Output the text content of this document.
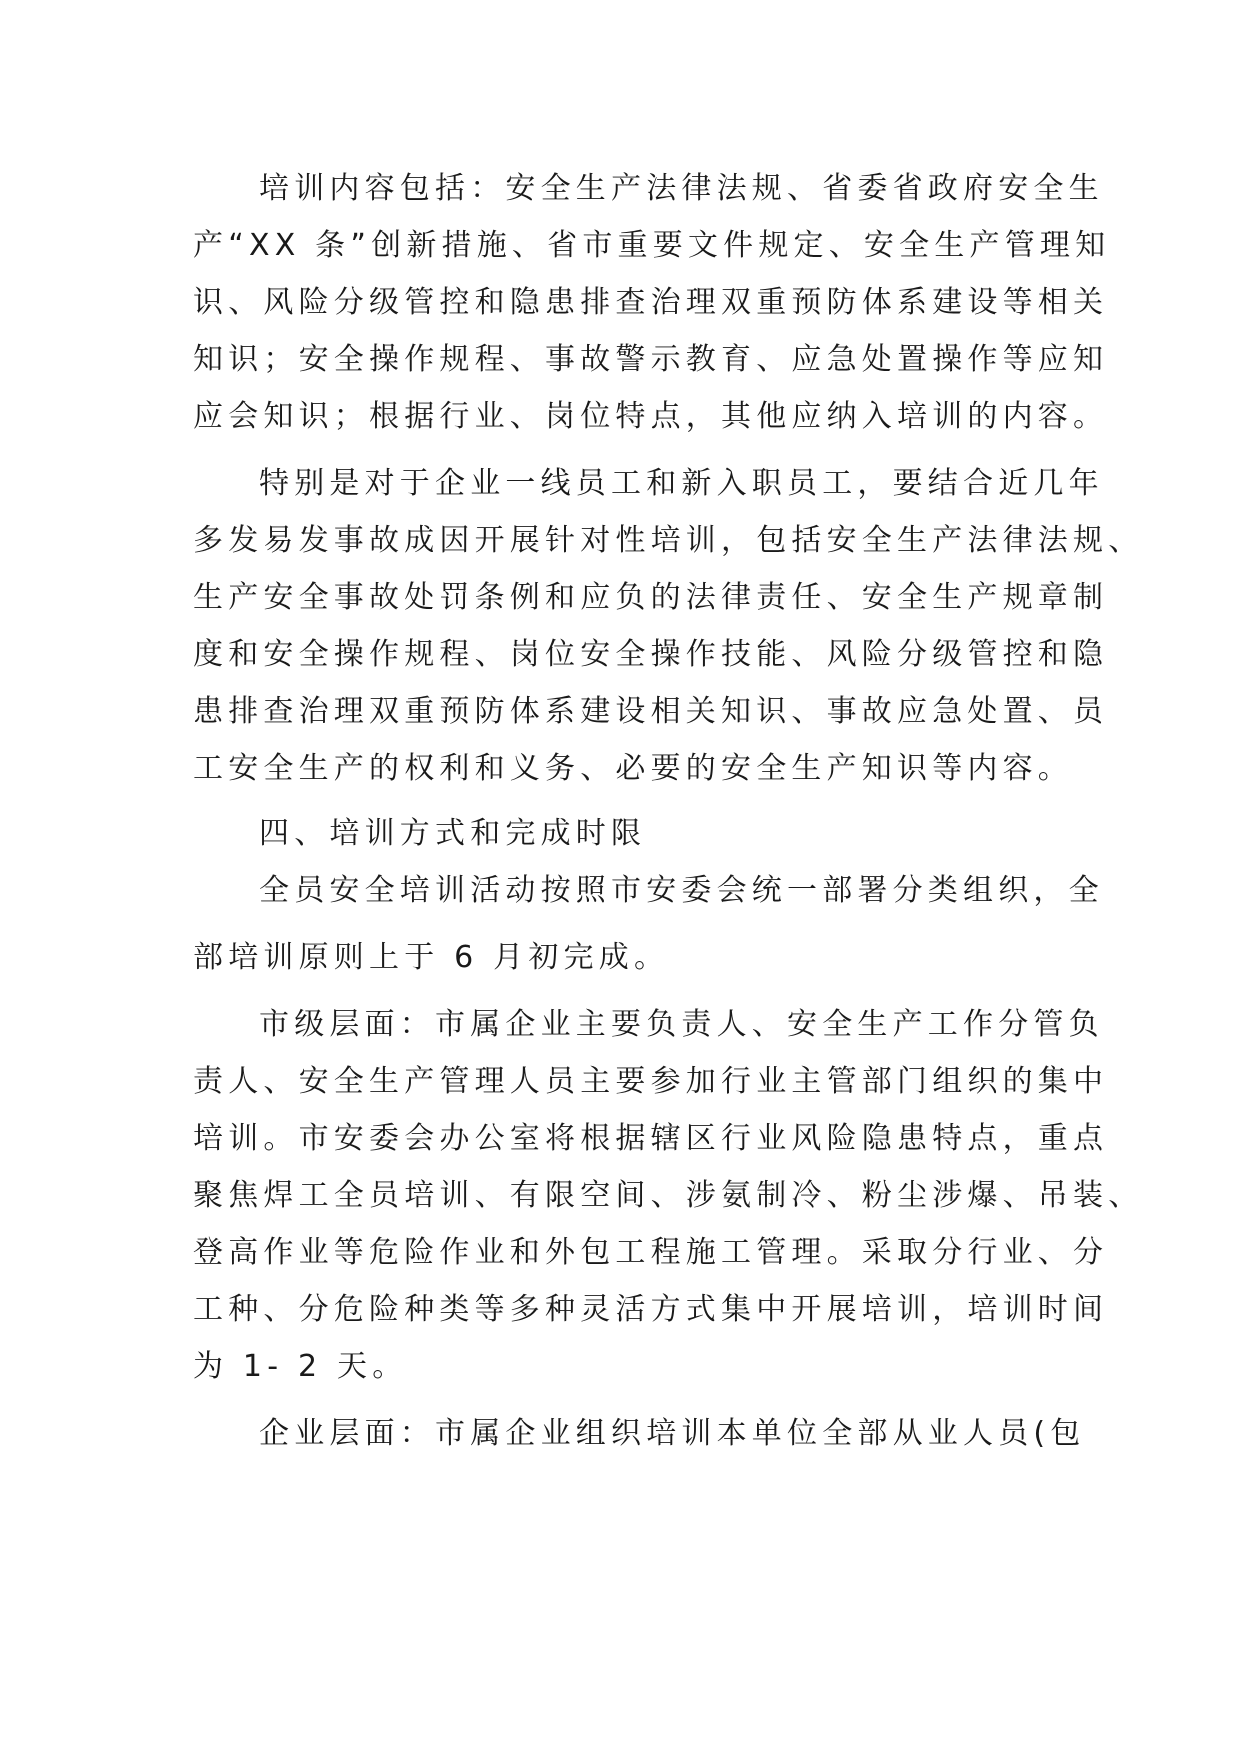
培训内容包括：安全生产法律法规、省委省政府安全生
产“XX 条”创新措施、省市重要文件规定、安全生产管理知
识、风险分级管控和隐患排查治理双重预防体系建设等相关
知识；安全操作规程、事故警示教育、应急处置操作等应知
应会知识；根据行业、岗位特点，其他应纳入培训的内容。
特别是对于企业一线员工和新入职员工，要结合近几年
多发易发事故成因开展针对性培训，包括安全生产法律法规、
生产安全事故处罚条例和应负的法律责任、安全生产规章制
度和安全操作规程、岗位安全操作技能、风险分级管控和隐
患排查治理双重预防体系建设相关知识、事故应急处置、员
工安全生产的权利和义务、必要的安全生产知识等内容。
四、培训方式和完成时限
全员安全培训活动按照市安委会统一部署分类组织，全
部培训原则上于 6 月初完成。
市级层面：市属企业主要负责人、安全生产工作分管负
责人、安全生产管理人员主要参加行业主管部门组织的集中
培训。市安委会办公室将根据辖区行业风险隐患特点，重点
聚焦焊工全员培训、有限空间、涉氨制冷、粉尘涉爆、吊装、
登高作业等危险作业和外包工程施工管理。采取分行业、分
工种、分危险种类等多种灵活方式集中开展培训，培训时间
为 1- 2 天。
企业层面：市属企业组织培训本单位全部从业人员(包
